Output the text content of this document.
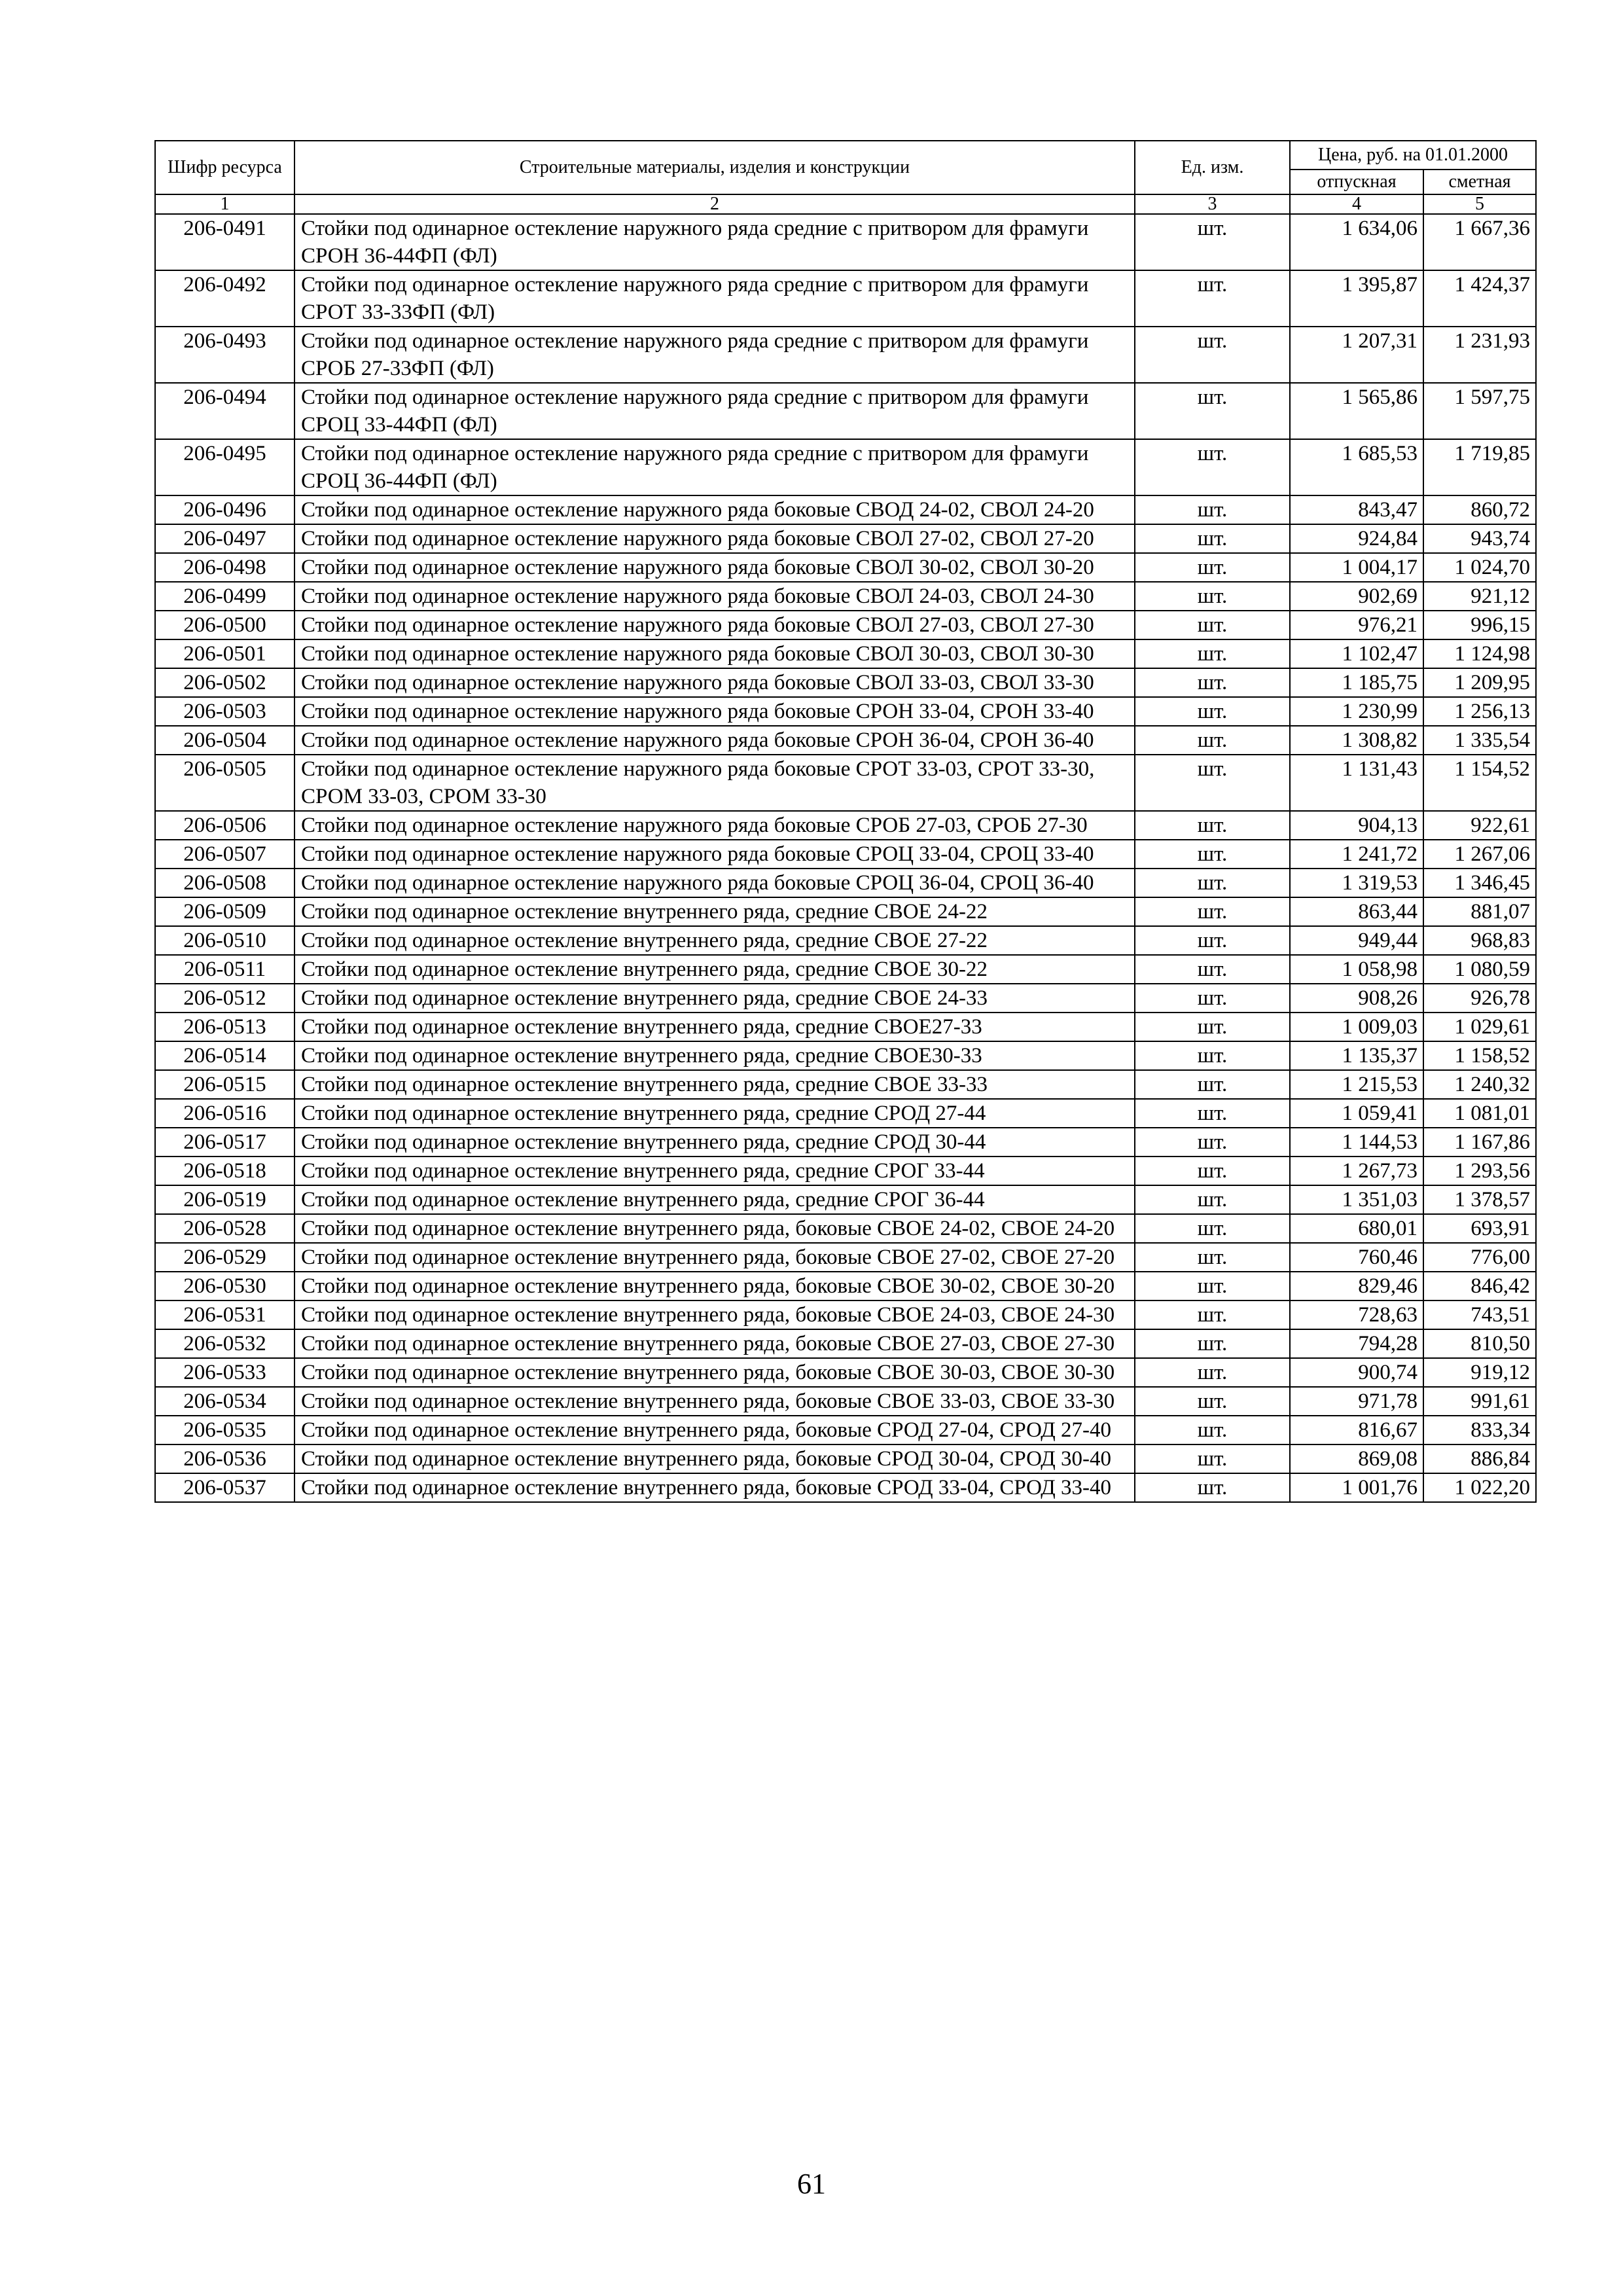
Шифр ресурса	Строительные материалы, изделия и конструкции	Ед. изм.	Цена, руб. на 01.01.2000	
			отпускная	сметная
1	2	3	4	5
206-0491	Стойки под одинарное остекление наружного ряда средние с притвором для фрамуги СРОН 36-44ФП (ФЛ)	шт.	1 634,06	1 667,36
206-0492	Стойки под одинарное остекление наружного ряда средние с притвором для фрамуги СРОТ 33-33ФП (ФЛ)	шт.	1 395,87	1 424,37
206-0493	Стойки под одинарное остекление наружного ряда средние с притвором для фрамуги СРОБ 27-33ФП (ФЛ)	шт.	1 207,31	1 231,93
206-0494	Стойки под одинарное остекление наружного ряда средние с притвором для фрамуги СРОЦ 33-44ФП (ФЛ)	шт.	1 565,86	1 597,75
206-0495	Стойки под одинарное остекление наружного ряда средние с притвором для фрамуги СРОЦ 36-44ФП (ФЛ)	шт.	1 685,53	1 719,85
206-0496	Стойки под одинарное остекление наружного ряда боковые СВОД 24-02, СВОЛ 24-20	шт.	843,47	860,72
206-0497	Стойки под одинарное остекление наружного ряда боковые СВОЛ 27-02, СВОЛ 27-20	шт.	924,84	943,74
206-0498	Стойки под одинарное остекление наружного ряда боковые СВОЛ 30-02, СВОЛ 30-20	шт.	1 004,17	1 024,70
206-0499	Стойки под одинарное остекление наружного ряда боковые СВОЛ 24-03, СВОЛ 24-30	шт.	902,69	921,12
206-0500	Стойки под одинарное остекление наружного ряда боковые СВОЛ 27-03, СВОЛ 27-30	шт.	976,21	996,15
206-0501	Стойки под одинарное остекление наружного ряда боковые СВОЛ 30-03, СВОЛ 30-30	шт.	1 102,47	1 124,98
206-0502	Стойки под одинарное остекление наружного ряда боковые СВОЛ 33-03, СВОЛ 33-30	шт.	1 185,75	1 209,95
206-0503	Стойки под одинарное остекление наружного ряда боковые СРОН 33-04, СРОН 33-40	шт.	1 230,99	1 256,13
206-0504	Стойки под одинарное остекление наружного ряда боковые СРОН 36-04, СРОН 36-40	шт.	1 308,82	1 335,54
206-0505	Стойки под одинарное остекление наружного ряда боковые СРОТ 33-03, СРОТ 33-30, СРОМ 33-03, СРОМ 33-30	шт.	1 131,43	1 154,52
206-0506	Стойки под одинарное остекление наружного ряда боковые СРОБ 27-03, СРОБ 27-30	шт.	904,13	922,61
206-0507	Стойки под одинарное остекление наружного ряда боковые СРОЦ 33-04, СРОЦ 33-40	шт.	1 241,72	1 267,06
206-0508	Стойки под одинарное остекление наружного ряда боковые СРОЦ 36-04, СРОЦ 36-40	шт.	1 319,53	1 346,45
206-0509	Стойки под одинарное остекление внутреннего ряда, средние СВОЕ 24-22	шт.	863,44	881,07
206-0510	Стойки под одинарное остекление внутреннего ряда, средние СВОЕ 27-22	шт.	949,44	968,83
206-0511	Стойки под одинарное остекление внутреннего ряда, средние СВОЕ 30-22	шт.	1 058,98	1 080,59
206-0512	Стойки под одинарное остекление внутреннего ряда, средние СВОЕ 24-33	шт.	908,26	926,78
206-0513	Стойки под одинарное остекление внутреннего ряда, средние СВОЕ27-33	шт.	1 009,03	1 029,61
206-0514	Стойки под одинарное остекление внутреннего ряда, средние СВОЕ30-33	шт.	1 135,37	1 158,52
206-0515	Стойки под одинарное остекление внутреннего ряда, средние СВОЕ 33-33	шт.	1 215,53	1 240,32
206-0516	Стойки под одинарное остекление внутреннего ряда, средние СРОД 27-44	шт.	1 059,41	1 081,01
206-0517	Стойки под одинарное остекление внутреннего ряда, средние СРОД 30-44	шт.	1 144,53	1 167,86
206-0518	Стойки под одинарное остекление внутреннего ряда, средние СРОГ 33-44	шт.	1 267,73	1 293,56
206-0519	Стойки под одинарное остекление внутреннего ряда, средние СРОГ 36-44	шт.	1 351,03	1 378,57
206-0528	Стойки под одинарное остекление внутреннего ряда, боковые СВОЕ 24-02, СВОЕ 24-20	шт.	680,01	693,91
206-0529	Стойки под одинарное остекление внутреннего ряда, боковые СВОЕ 27-02, СВОЕ 27-20	шт.	760,46	776,00
206-0530	Стойки под одинарное остекление внутреннего ряда, боковые СВОЕ 30-02, СВОЕ 30-20	шт.	829,46	846,42
206-0531	Стойки под одинарное остекление внутреннего ряда, боковые СВОЕ 24-03, СВОЕ 24-30	шт.	728,63	743,51
206-0532	Стойки под одинарное остекление внутреннего ряда, боковые СВОЕ 27-03, СВОЕ 27-30	шт.	794,28	810,50
206-0533	Стойки под одинарное остекление внутреннего ряда, боковые СВОЕ 30-03, СВОЕ 30-30	шт.	900,74	919,12
206-0534	Стойки под одинарное остекление внутреннего ряда, боковые СВОЕ 33-03, СВОЕ 33-30	шт.	971,78	991,61
206-0535	Стойки под одинарное остекление внутреннего ряда, боковые СРОД 27-04, СРОД 27-40	шт.	816,67	833,34
206-0536	Стойки под одинарное остекление внутреннего ряда, боковые СРОД 30-04, СРОД 30-40	шт.	869,08	886,84
206-0537	Стойки под одинарное остекление внутреннего ряда, боковые СРОД 33-04, СРОД 33-40	шт.	1 001,76	1 022,20
61
